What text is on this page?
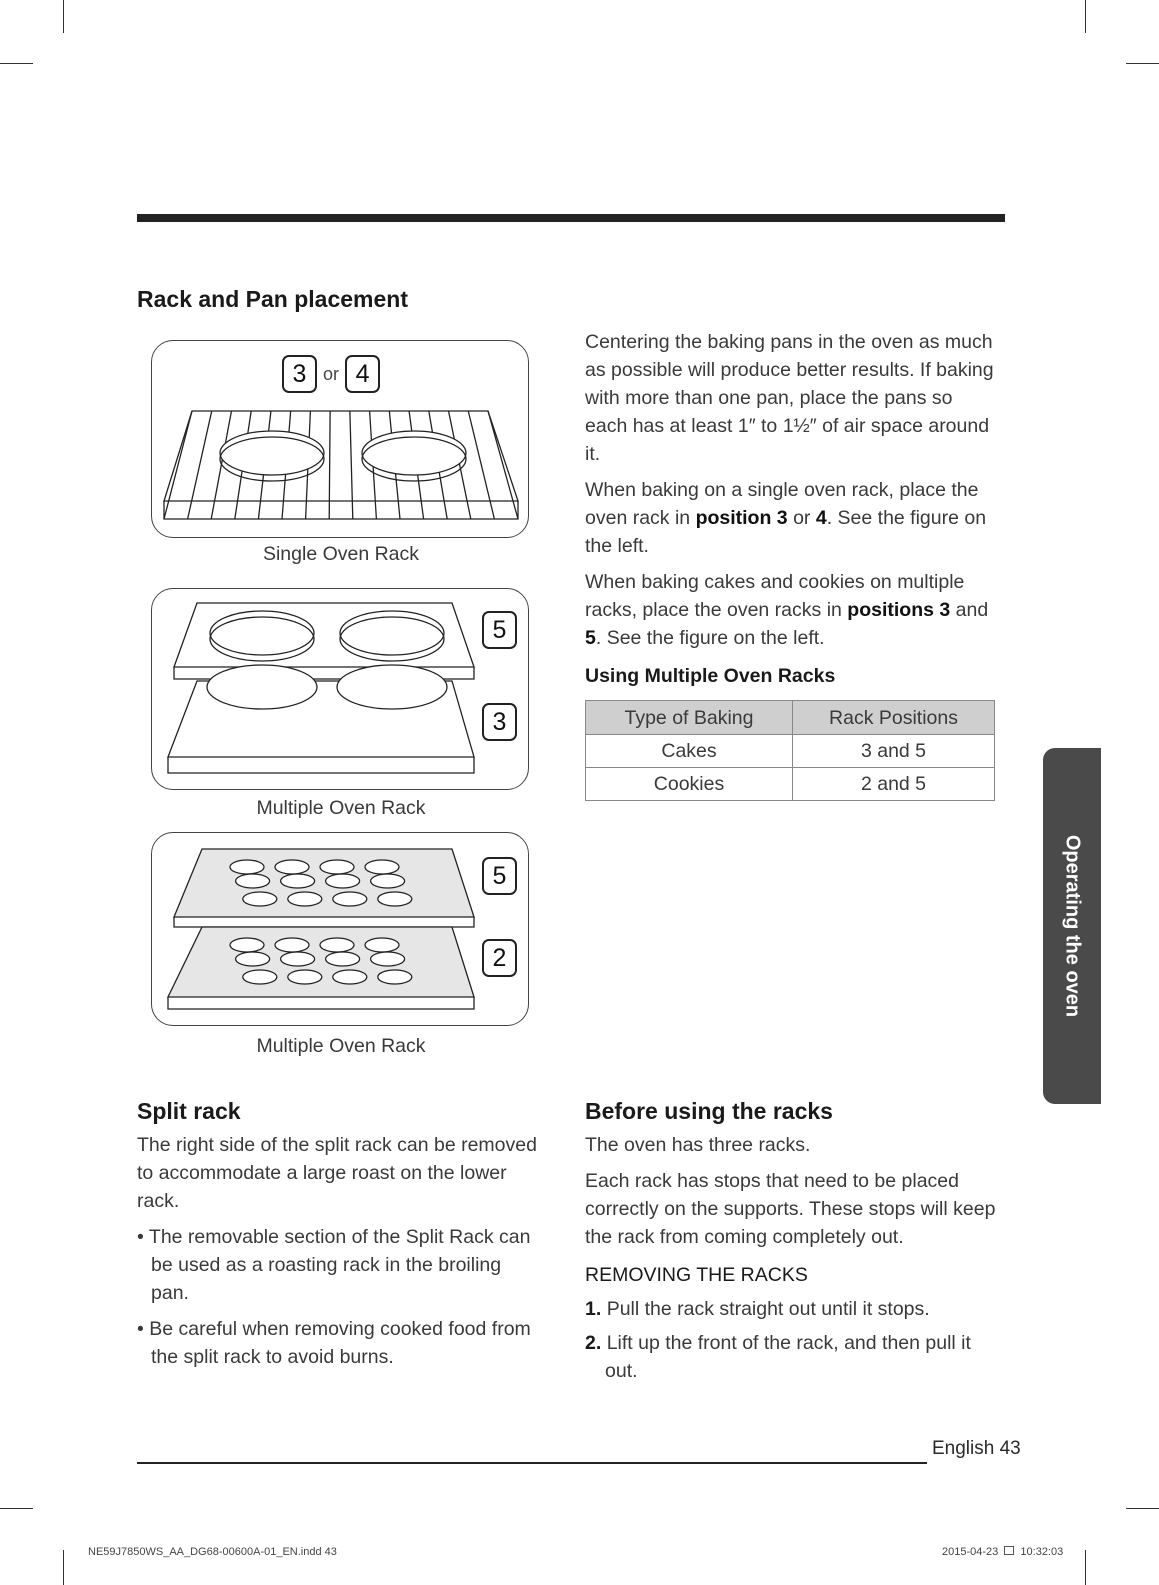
Rack and Pan placement
3 or 4
Single Oven Rack
5
3
Multiple Oven Rack
5
2
Multiple Oven Rack

Centering the baking pans in the oven as much as possible will produce better results. If baking with more than one pan, place the pans so each has at least 1″ to 1½″ of air space around it.

When baking on a single oven rack, place the oven rack in position 3 or 4. See the figure on the left.

When baking cakes and cookies on multiple racks, place the oven racks in positions 3 and 5. See the figure on the left.

Using Multiple Oven Racks
Type of Baking	Rack Positions
Cakes	3 and 5
Cookies	2 and 5
Operating the oven
Split rack

The right side of the split rack can be removed to accommodate a large roast on the lower rack.

• The removable section of the Split Rack can be used as a roasting rack in the broiling pan.
• Be careful when removing cooked food from the split rack to avoid burns.
Before using the racks

The oven has three racks.

Each rack has stops that need to be placed correctly on the supports. These stops will keep the rack from coming completely out.

REMOVING THE RACKS
1. Pull the rack straight out until it stops.
2. Lift up the front of the rack, and then pull it out.
English 43
NE59J7850WS_AA_DG68-00600A-01_EN.indd 43	2015-04-23 10:32:03
